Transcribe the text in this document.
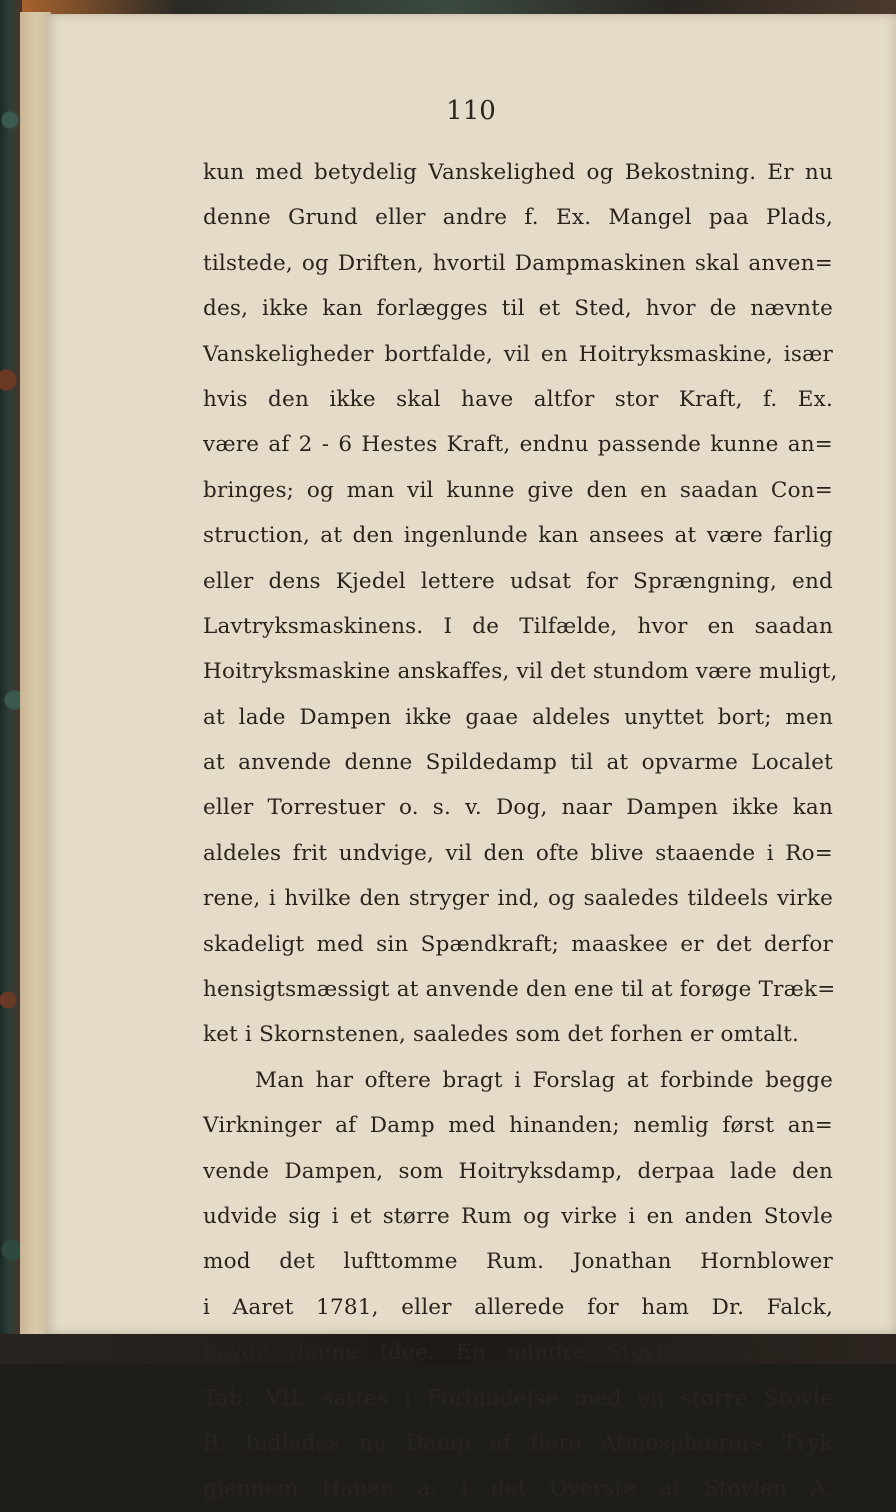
110
kun med betydelig Vanskelighed og Bekostning. Er nu
denne Grund eller andre f. Ex. Mangel paa Plads,
tilstede, og Driften, hvortil Dampmaskinen skal anven=
des, ikke kan forlægges til et Sted, hvor de nævnte
Vanskeligheder bortfalde, vil en Hoitryksmaskine, især
hvis den ikke skal have altfor stor Kraft, f. Ex.
være af 2 - 6 Hestes Kraft, endnu passende kunne an=
bringes; og man vil kunne give den en saadan Con=
struction, at den ingenlunde kan ansees at være farlig
eller dens Kjedel lettere udsat for Sprængning, end
Lavtryksmaskinens. I de Tilfælde, hvor en saadan
Hoitryksmaskine anskaffes, vil det stundom være muligt,
at lade Dampen ikke gaae aldeles unyttet bort; men
at anvende denne Spildedamp til at opvarme Localet
eller Torrestuer o. s. v. Dog, naar Dampen ikke kan
aldeles frit undvige, vil den ofte blive staaende i Ro=
rene, i hvilke den stryger ind, og saaledes tildeels virke
skadeligt med sin Spændkraft; maaskee er det derfor
hensigtsmæssigt at anvende den ene til at forøge Træk=
ket i Skornstenen, saaledes som det forhen er omtalt.
Man har oftere bragt i Forslag at forbinde begge
Virkninger af Damp med hinanden; nemlig først an=
vende Dampen, som Hoitryksdamp, derpaa lade den
udvide sig i et større Rum og virke i en anden Stovle
mod det lufttomme Rum. Jonathan Hornblower
i Aaret 1781, eller allerede for ham Dr. Falck,
havde denne Idee. En mindre Stovle A, Fig. 20
Tab. VII, sattes i Forbindelse med en større Stovle
B. Indlades nu Damp af flere Atmosphærers Tryk
gjennem Hanen a, i det Overste af Stovlen A,
